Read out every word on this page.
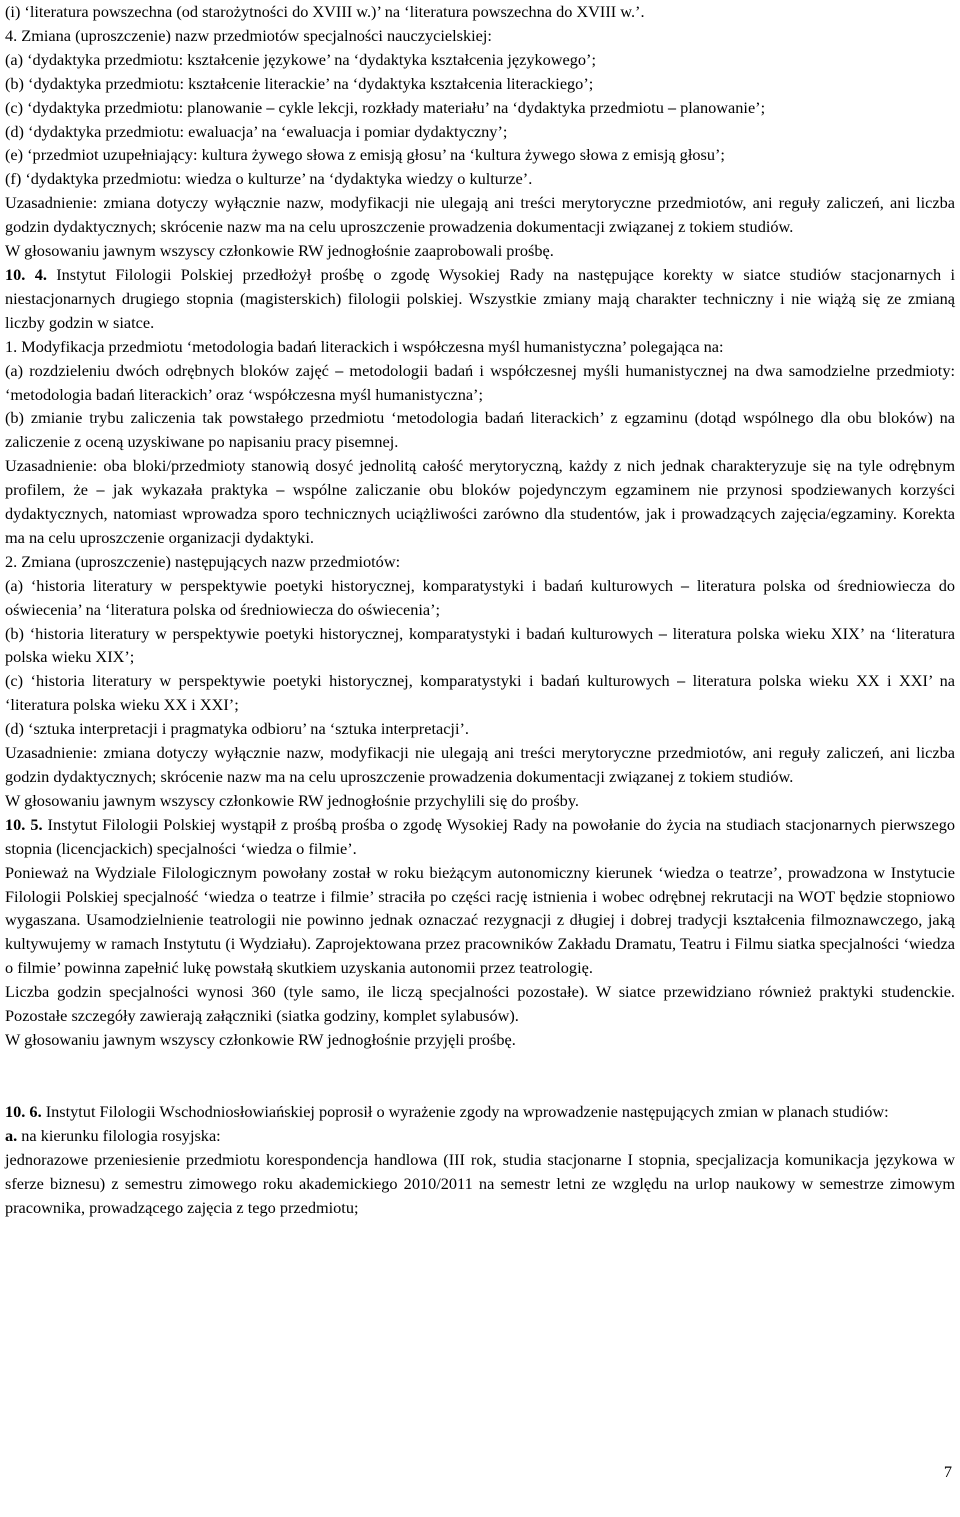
(i) ‘literatura powszechna (od starożytności do XVIII w.)’ na ‘literatura powszechna do XVIII w.’.

4. Zmiana (uproszczenie) nazw przedmiotów specjalności nauczycielskiej:

(a) ‘dydaktyka przedmiotu: kształcenie językowe’ na ‘dydaktyka kształcenia językowego’;

(b) ‘dydaktyka przedmiotu: kształcenie literackie’ na ‘dydaktyka kształcenia literackiego’;

(c) ‘dydaktyka przedmiotu: planowanie ⎯ cykle lekcji, rozkłady materiału’ na ‘dydaktyka przedmiotu ⎯ planowanie’;

(d) ‘dydaktyka przedmiotu: ewaluacja’ na ‘ewaluacja i pomiar dydaktyczny’;

(e) ‘przedmiot uzupełniający: kultura żywego słowa z emisją głosu’ na ‘kultura żywego słowa z emisją głosu’;

(f) ‘dydaktyka przedmiotu: wiedza o kulturze’ na ‘dydaktyka wiedzy o kulturze’.

Uzasadnienie: zmiana dotyczy wyłącznie nazw, modyfikacji nie ulegają ani treści merytoryczne przedmiotów, ani reguły zaliczeń, ani liczba godzin dydaktycznych; skrócenie nazw ma na celu uproszczenie prowadzenia dokumentacji związanej z tokiem studiów.

W głosowaniu jawnym wszyscy członkowie RW jednogłośnie zaaprobowali prośbę.

10. 4. Instytut Filologii Polskiej przedłożył prośbę o zgodę Wysokiej Rady na następujące korekty w siatce studiów stacjonarnych i niestacjonarnych drugiego stopnia (magisterskich) filologii polskiej. Wszystkie zmiany mają charakter techniczny i nie wiążą się ze zmianą liczby godzin w siatce.

1. Modyfikacja przedmiotu ‘metodologia badań literackich i współczesna myśl humanistyczna’ polegająca na:

(a) rozdzieleniu dwóch odrębnych bloków zajęć ⎯ metodologii badań i współczesnej myśli humanistycznej na dwa samodzielne przedmioty: ‘metodologia badań literackich’ oraz ‘współczesna myśl humanistyczna’;

(b) zmianie trybu zaliczenia tak powstałego przedmiotu ‘metodologia badań literackich’ z egzaminu (dotąd wspólnego dla obu bloków) na zaliczenie z oceną uzyskiwane po napisaniu pracy pisemnej.

Uzasadnienie: oba bloki/przedmioty stanowią dosyć jednolitą całość merytoryczną, każdy z nich jednak charakteryzuje się na tyle odrębnym profilem, że ⎯ jak wykazała praktyka ⎯ wspólne zaliczanie obu bloków pojedynczym egzaminem nie przynosi spodziewanych korzyści dydaktycznych, natomiast wprowadza sporo technicznych uciążliwości zarówno dla studentów, jak i prowadzących zajęcia/egzaminy. Korekta ma na celu uproszczenie organizacji dydaktyki.

2. Zmiana (uproszczenie) następujących nazw przedmiotów:

(a) ‘historia literatury w perspektywie poetyki historycznej, komparatystyki i badań kulturowych ⎯ literatura polska od średniowiecza do oświecenia’ na ‘literatura polska od średniowiecza do oświecenia’;

(b) ‘historia literatury w perspektywie poetyki historycznej, komparatystyki i badań kulturowych ⎯ literatura polska wieku XIX’ na ‘literatura polska wieku XIX’;

(c) ‘historia literatury w perspektywie poetyki historycznej, komparatystyki i badań kulturowych ⎯ literatura polska wieku XX i XXI’ na ‘literatura polska wieku XX i XXI’;

(d) ‘sztuka interpretacji i pragmatyka odbioru’ na ‘sztuka interpretacji’.

Uzasadnienie: zmiana dotyczy wyłącznie nazw, modyfikacji nie ulegają ani treści merytoryczne przedmiotów, ani reguły zaliczeń, ani liczba godzin dydaktycznych; skrócenie nazw ma na celu uproszczenie prowadzenia dokumentacji związanej z tokiem studiów.

W głosowaniu jawnym wszyscy członkowie RW jednogłośnie przychylili się do prośby.

10. 5. Instytut Filologii Polskiej wystąpił z prośbą prośba o zgodę Wysokiej Rady na powołanie do życia na studiach stacjonarnych pierwszego stopnia (licencjackich) specjalności ‘wiedza o filmie’.

Ponieważ na Wydziale Filologicznym powołany został w roku bieżącym autonomiczny kierunek ‘wiedza o teatrze’, prowadzona w Instytucie Filologii Polskiej specjalność ‘wiedza o teatrze i filmie’ straciła po części rację istnienia i wobec odrębnej rekrutacji na WOT będzie stopniowo wygaszana. Usamodzielnienie teatrologii nie powinno jednak oznaczać rezygnacji z długiej i dobrej tradycji kształcenia filmoznawczego, jaką kultywujemy w ramach Instytutu (i Wydziału). Zaprojektowana przez pracowników Zakładu Dramatu, Teatru i Filmu siatka specjalności ‘wiedza o filmie’ powinna zapełnić lukę powstałą skutkiem uzyskania autonomii przez teatrologię.

Liczba godzin specjalności wynosi 360 (tyle samo, ile liczą specjalności pozostałe). W siatce przewidziano również praktyki studenckie. Pozostałe szczegóły zawierają załączniki (siatka godziny, komplet sylabusów).

W głosowaniu jawnym wszyscy członkowie RW jednogłośnie przyjęli prośbę.

10. 6. Instytut Filologii Wschodniosłowiańskiej poprosił o wyrażenie zgody na wprowadzenie następujących zmian w planach studiów:

a. na kierunku filologia rosyjska:

jednorazowe przeniesienie przedmiotu korespondencja handlowa (III rok, studia stacjonarne I stopnia, specjalizacja komunikacja językowa w sferze biznesu) z semestru zimowego roku akademickiego 2010/2011 na semestr letni ze względu na urlop naukowy w semestrze zimowym pracownika, prowadzącego zajęcia z tego przedmiotu;

7
